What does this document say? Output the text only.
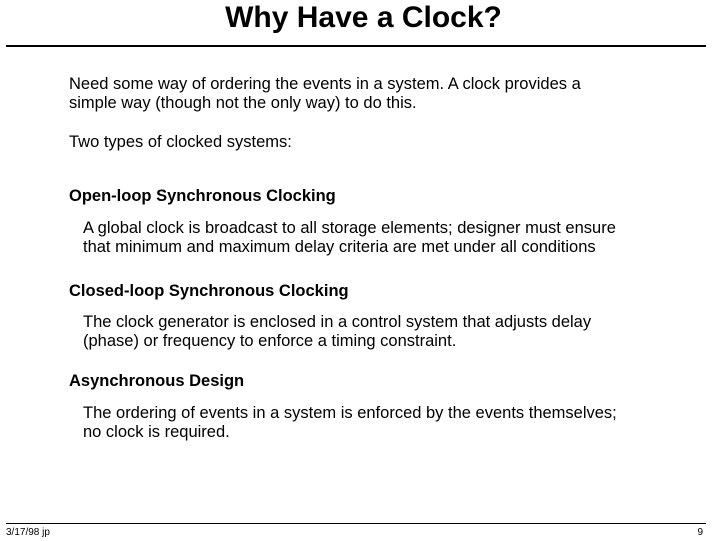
Why Have a Clock?
Need some way of ordering the events in a system. A clock provides a
simple way (though not the only way) to do this.
Two types of clocked systems:
Open-loop Synchronous Clocking
A global clock is broadcast to all storage elements; designer must ensure
that minimum and maximum delay criteria are met under all conditions
Closed-loop Synchronous Clocking
The clock generator is enclosed in a control system that adjusts delay
(phase) or frequency to enforce a timing constraint.
Asynchronous Design
The ordering of events in a system is enforced by the events themselves;
no clock is required.
3/17/98 jp	9
